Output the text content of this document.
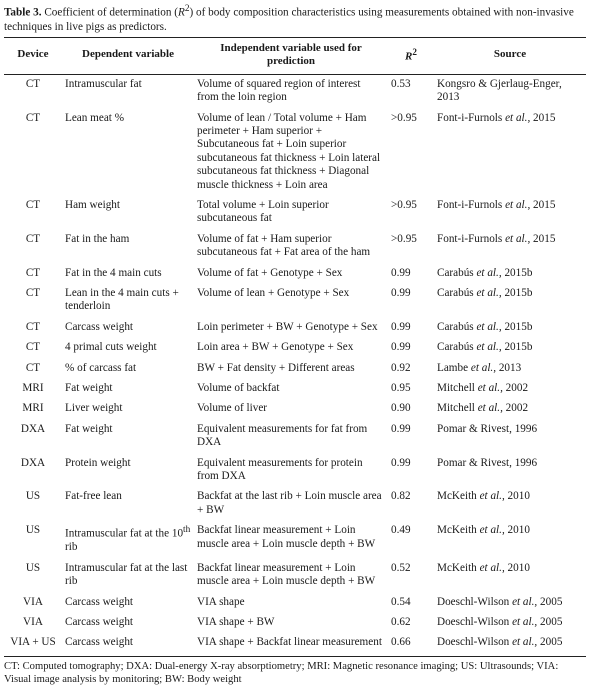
Table 3. Coefficient of determination $(R^2)$ of body composition characteristics using measurements obtained with non-invasive techniques in live pigs as predictors.

Device	Dependent variable	Independent variable used for prediction	$R^2$	Source
CT	Intramuscular fat	Volume of squared region of interest from the loin region	0.53	Kongsro & Gjerlaug-Enger, 2013
CT	Lean meat %	Volume of lean / Total volume + Ham perimeter + Ham superior + Subcutaneous fat + Loin superior subcutaneous fat thickness + Loin lateral subcutaneous fat thickness + Diagonal muscle thickness + Loin area	>0.95	Font-i-Furnols et al., 2015
CT	Ham weight	Total volume + Loin superior subcutaneous fat	>0.95	Font-i-Furnols et al., 2015
CT	Fat in the ham	Volume of fat + Ham superior subcutaneous fat + Fat area of the ham	>0.95	Font-i-Furnols et al., 2015
CT	Fat in the 4 main cuts	Volume of fat + Genotype + Sex	0.99	Carabús et al., 2015b
CT	Lean in the 4 main cuts + tenderloin	Volume of lean + Genotype + Sex	0.99	Carabús et al., 2015b
CT	Carcass weight	Loin perimeter + BW + Genotype + Sex	0.99	Carabús et al., 2015b
CT	4 primal cuts weight	Loin area + BW + Genotype + Sex	0.99	Carabús et al., 2015b
CT	% of carcass fat	BW + Fat density + Different areas	0.92	Lambe et al., 2013
MRI	Fat weight	Volume of backfat	0.95	Mitchell et al., 2002
MRI	Liver weight	Volume of liver	0.90	Mitchell et al., 2002
DXA	Fat weight	Equivalent measurements for fat from DXA	0.99	Pomar & Rivest, 1996
DXA	Protein weight	Equivalent measurements for protein from DXA	0.99	Pomar & Rivest, 1996
US	Fat-free lean	Backfat at the last rib + Loin muscle area + BW	0.82	McKeith et al., 2010
US	Intramuscular fat at the 10th rib	Backfat linear measurement + Loin muscle area + Loin muscle depth + BW	0.49	McKeith et al., 2010
US	Intramuscular fat at the last rib	Backfat linear measurement + Loin muscle area + Loin muscle depth + BW	0.52	McKeith et al., 2010
VIA	Carcass weight	VIA shape	0.54	Doeschl-Wilson et al., 2005
VIA	Carcass weight	VIA shape + BW	0.62	Doeschl-Wilson et al., 2005
VIA + US	Carcass weight	VIA shape + Backfat linear measurement	0.66	Doeschl-Wilson et al., 2005
CT: Computed tomography; DXA: Dual-energy X-ray absorptiometry; MRI: Magnetic resonance imaging; US: Ultrasounds; VIA: Visual image analysis by monitoring; BW: Body weight
